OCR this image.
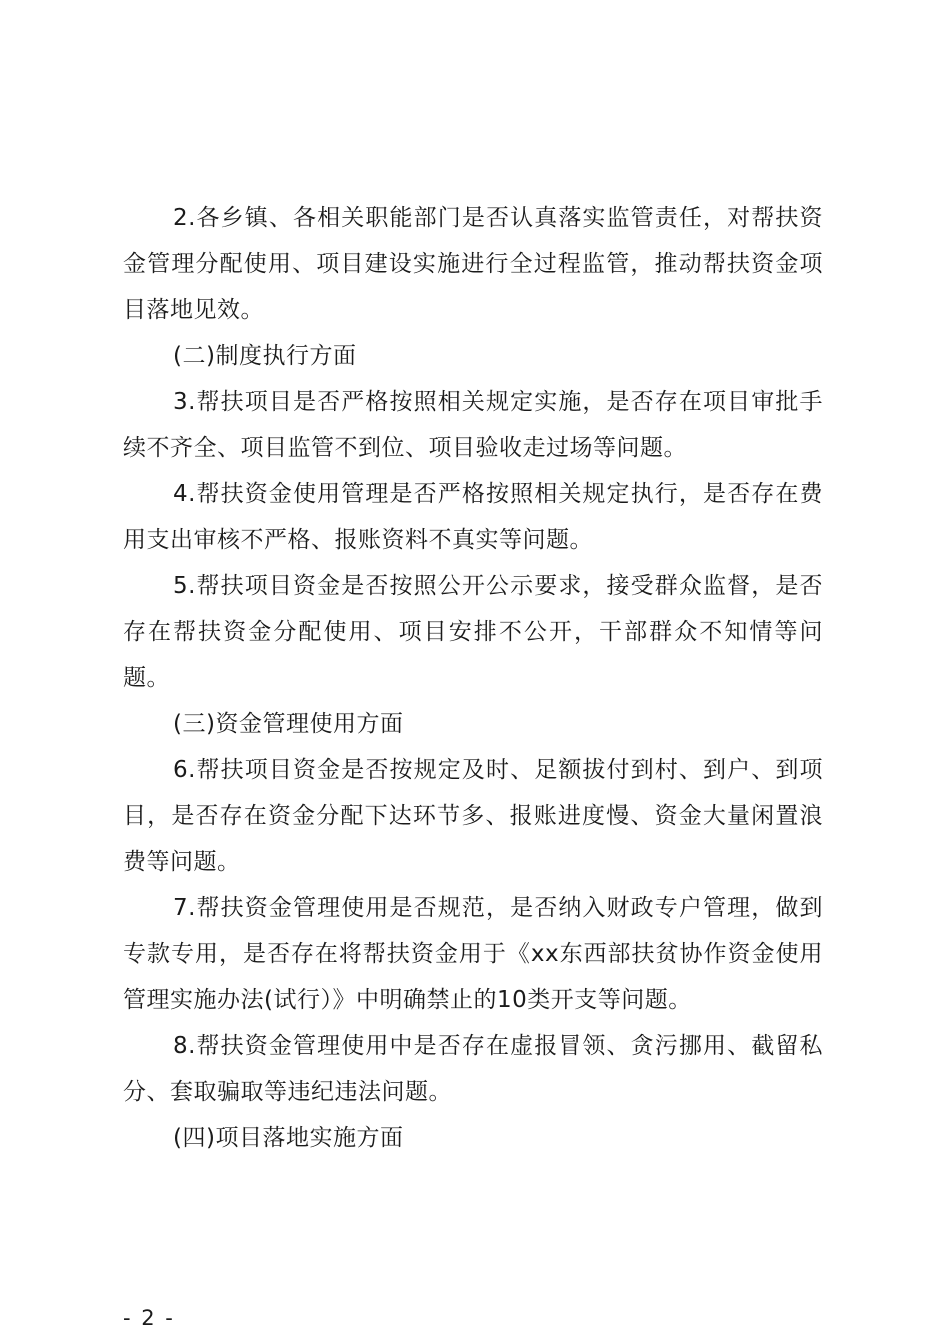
2.各乡镇、各相关职能部门是否认真落实监管责任，对帮扶资金管理分配使用、项目建设实施进行全过程监管，推动帮扶资金项目落地见效。

(二)制度执行方面

3.帮扶项目是否严格按照相关规定实施，是否存在项目审批手续不齐全、项目监管不到位、项目验收走过场等问题。

4.帮扶资金使用管理是否严格按照相关规定执行，是否存在费用支出审核不严格、报账资料不真实等问题。

5.帮扶项目资金是否按照公开公示要求，接受群众监督，是否存在帮扶资金分配使用、项目安排不公开，干部群众不知情等问题。

(三)资金管理使用方面

6.帮扶项目资金是否按规定及时、足额拔付到村、到户、到项目，是否存在资金分配下达环节多、报账进度慢、资金大量闲置浪费等问题。

7.帮扶资金管理使用是否规范，是否纳入财政专户管理，做到专款专用，是否存在将帮扶资金用于《xx东西部扶贫协作资金使用管理实施办法(试行）》中明确禁止的10类开支等问题。

8.帮扶资金管理使用中是否存在虚报冒领、贪污挪用、截留私分、套取骗取等违纪违法问题。

(四)项目落地实施方面

- 2 -
